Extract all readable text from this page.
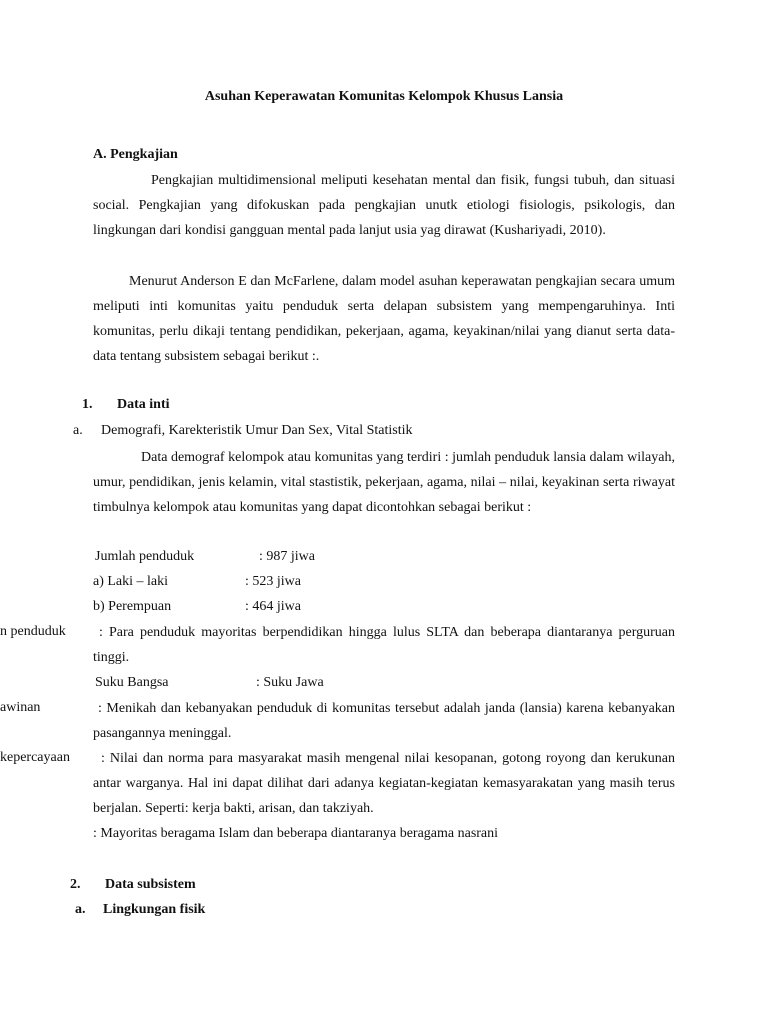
Asuhan Keperawatan Komunitas Kelompok Khusus Lansia
A. Pengkajian
Pengkajian multidimensional meliputi kesehatan mental dan fisik, fungsi tubuh, dan situasi social. Pengkajian yang difokuskan pada pengkajian unutk etiologi fisiologis, psikologis, dan lingkungan dari kondisi gangguan mental pada lanjut usia yag dirawat (Kushariyadi, 2010).
Menurut Anderson E dan McFarlene, dalam model asuhan keperawatan pengkajian secara umum meliputi inti komunitas yaitu penduduk serta delapan subsistem yang mempengaruhinya. Inti komunitas, perlu dikaji tentang pendidikan, pekerjaan, agama, keyakinan/nilai yang dianut serta data-data tentang subsistem sebagai berikut :.
1. Data inti
a. Demografi, Karekteristik Umur Dan Sex, Vital Statistik
Data demograf kelompok atau komunitas yang terdiri : jumlah penduduk lansia dalam wilayah, umur, pendidikan, jenis kelamin, vital stastistik, pekerjaan, agama, nilai – nilai, keyakinan serta riwayat timbulnya kelompok atau komunitas yang dapat dicontohkan sebagai berikut :
Jumlah penduduk	: 987 jiwa
a) Laki – laki	: 523 jiwa
b) Perempuan	: 464 jiwa
n penduduk	: Para penduduk mayoritas berpendidikan hingga lulus SLTA dan beberapa diantaranya perguruan tinggi.
Suku Bangsa	: Suku Jawa
awinan	: Menikah dan kebanyakan penduduk di komunitas tersebut adalah janda (lansia) karena kebanyakan pasangannya meninggal.
kepercayaan	: Nilai dan norma para masyarakat masih mengenal nilai kesopanan, gotong royong dan kerukunan antar warganya. Hal ini dapat dilihat dari adanya kegiatan-kegiatan kemasyarakatan yang masih terus berjalan. Seperti: kerja bakti, arisan, dan takziyah.
: Mayoritas beragama Islam dan beberapa diantaranya beragama nasrani
2. Data subsistem
a. Lingkungan fisik
